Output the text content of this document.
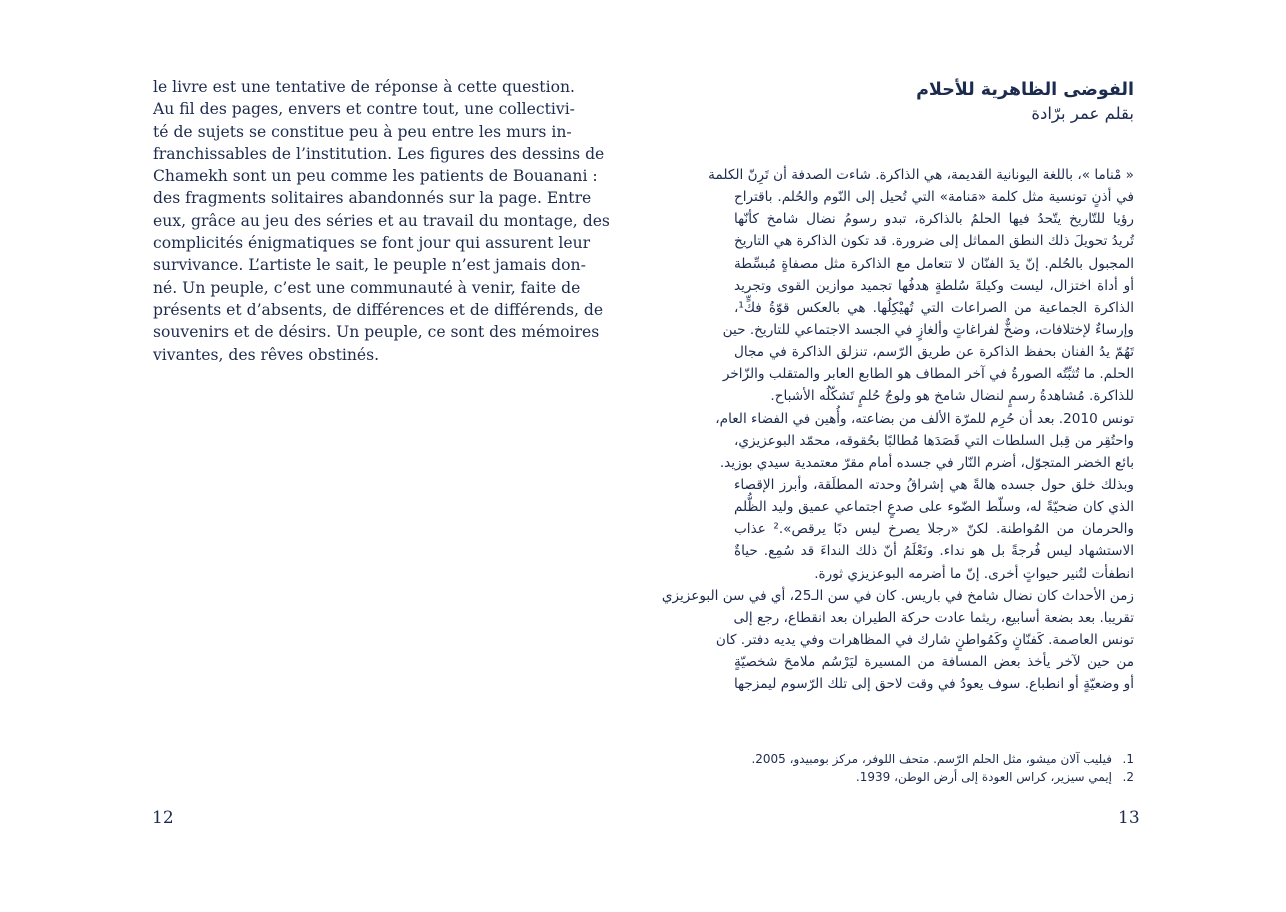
le livre est une tentative de réponse à cette question.
Au fil des pages, envers et contre tout, une collectivi-
té de sujets se constitue peu à peu entre les murs in-
franchissables de l’institution. Les figures des dessins de
Chamekh sont un peu comme les patients de Bouanani :
des fragments solitaires abandonnés sur la page. Entre
eux, grâce au jeu des séries et au travail du montage, des
complicités énigmatiques se font jour qui assurent leur
survivance. L’artiste le sait, le peuple n’est jamais don-
né. Un peuple, c’est une communauté à venir, faite de
présents et d’absents, de différences et de différends, de
souvenirs et de désirs. Un peuple, ce sont des mémoires
vivantes, des rêves obstinés.
12
الفوضى الظاهرية للأحلام
بقلم عمر برّادة
« مْناما »، باللغة اليونانية القديمة، هي الذاكرة. شاءت الصدفة أن تَرِنّ الكلمة
في أذنٍ تونسية مثل كلمة «مَنامة» التي تُحيل إلى النّوم والحُلم. باقتراح
رؤيا للتّاريخ يتّحدُ فيها الحلمُ بالذاكرة، تبدو رسومُ نضال شامخ كأنّها
تُريدُ تحويلَ ذلك النطق المماثل إلى ضرورة. قد تكون الذاكرة هي التاريخ
المجبول بالحُلم. إنّ يدَ الفنّان لا تتعامل مع الذاكرة مثل مصفاةٍ مُبسِّطة
أو أداة اختزال، ليست وكيلةَ سُلطةٍ هدفُها تجميد موازين القوى وتجريد
الذاكرة الجماعية من الصراعات التي تُهيْكِلُها. هي بالعكس قوّةُ فكٍّ¹،
وإرساءٌ لإختلافات، وضخٌّ لفراغاتٍ وألغازٍ في الجسد الاجتماعي للتاريخ. حين
تَهُمّ يدُ الفنان بحفظ الذاكرة عن طريق الرّسم، تنزلق الذاكرة في مجال
الحلم. ما تُثبِّتُه الصورةُ في آخر المطاف هو الطابع العابر والمتقلب والزّاخر
للذاكرة. مُشاهدةُ رسمٍ لنضال شامخ هو ولوجُ حُلمٍ تَشكّلُه الأشباح.
تونس 2010. بعد أن حُرِم للمرّة الألف من بضاعته، وأُهين في الفضاء العام،
واحتُقِر من قِبل السلطات التي قَصَدَها مُطالبًا بحُقوقه، محمّد البوعزيزي،
بائع الخضر المتجوّل، أضرم النّار في جسده أمام مقرّ معتمدية سيدي بوزيد.
وبذلك خلق حول جسده هالةً هي إشراقُ وحدته المطلَقة، وأبرز الإقصاء
الذي كان ضحيّةً له، وسلّط الضّوء على صدعٍ اجتماعي عميق وليد الظُّلم
والحرمان من المُواطنة. لكنّ «رجلا يصرخ ليس دبًا يرقص».² عذاب
الاستشهاد ليس فُرجةً بل هو نداء. ونَعْلَمُ أنّ ذلك النداءَ قد سُمِع. حياةٌ
انطفأت لتُنير حيواتٍ أخرى. إنّ ما أضرمه البوعزيزي ثورة.
زمن الأحداث كان نضال شامخ في باريس. كان في سن الـ25، أي في سن البوعزيزي
تقريبا. بعد بضعة أسابيع، ريثما عادت حركة الطيران بعد انقطاع، رجع إلى
تونس العاصمة. كَفنّانٍ وكَمُواطنٍ شارك في المظاهرات وفي يديه دفتر. كان
من حين لآخر يأخذ بعض المسافة من المسيرة ليَرْسُم ملامحَ شخصيّةٍ
أو وضعيّةٍ أو انطباع. سوف يعودُ في وقت لاحق إلى تلك الرّسوم ليمزجها
1.
فيليب آلان ميشو، مثل الحلم الرّسم. متحف اللوفر، مركز بومبيدو، 2005.
2.
إيمي سيزير، كراس العودة إلى أرض الوطن، 1939.
13
